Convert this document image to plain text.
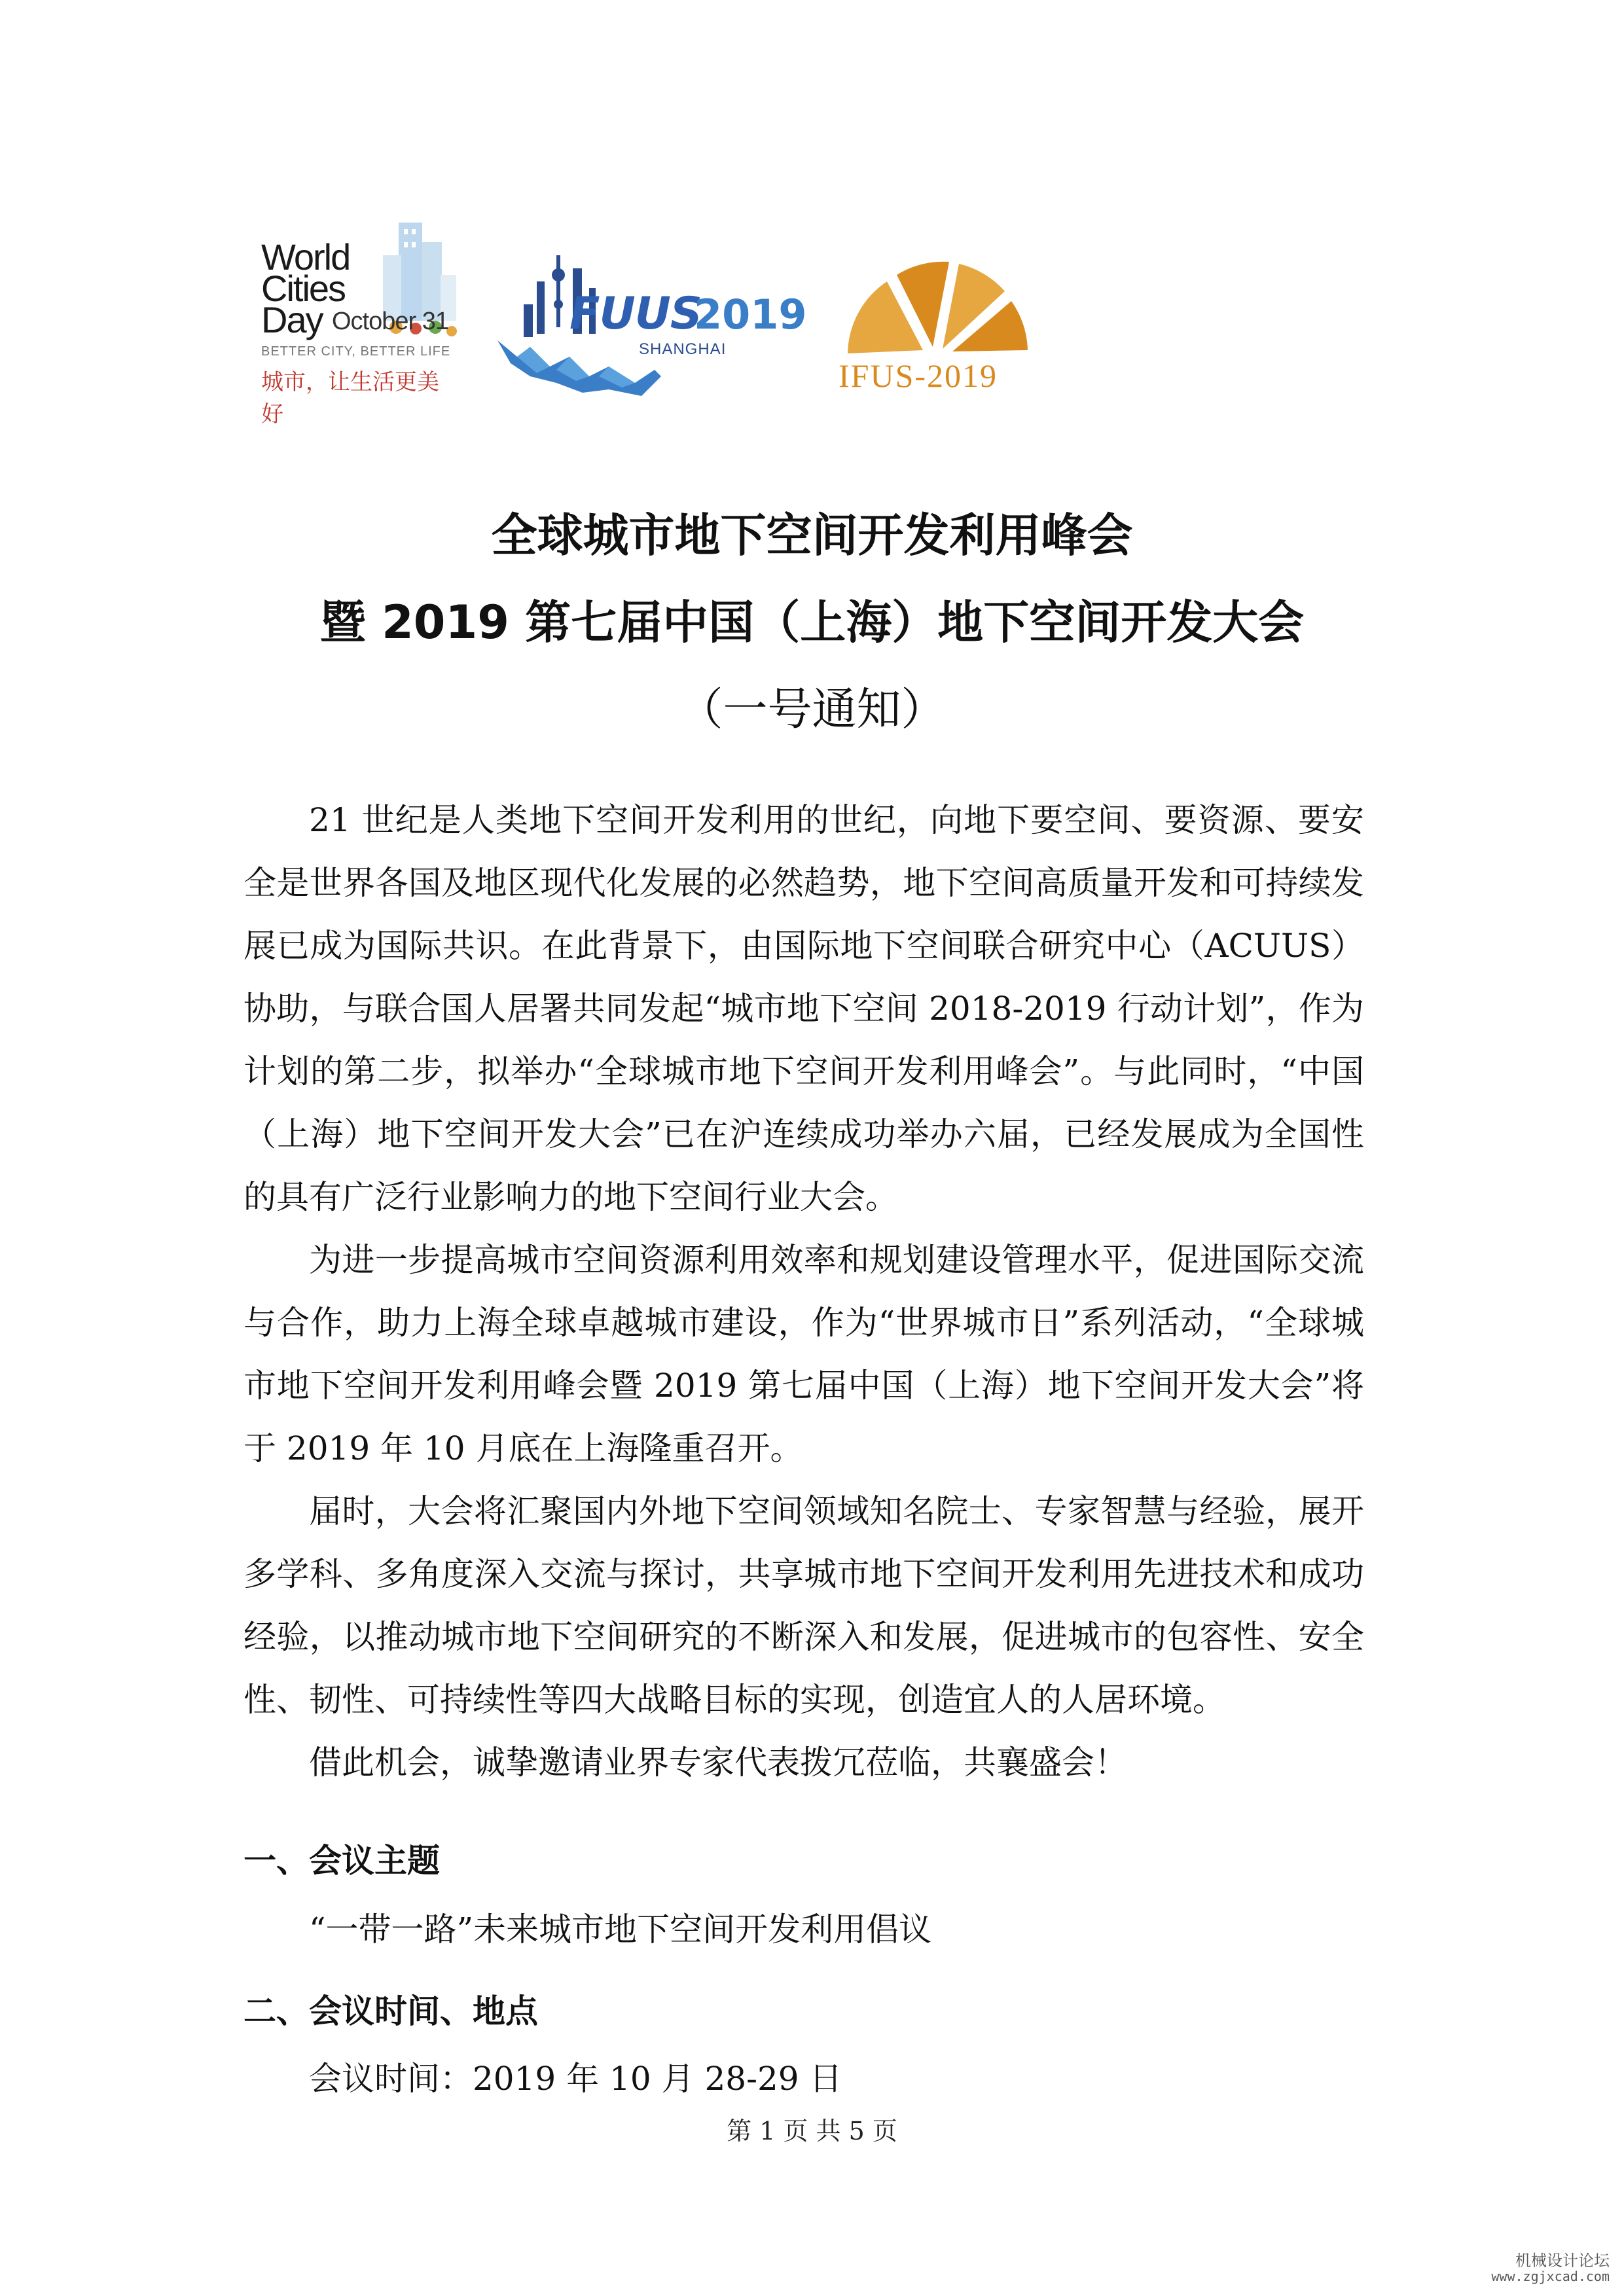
World
Cities
Day October 31
BETTER CITY, BETTER LIFE
城市，让生活更美好
FUUS
2019
SHANGHAI
IFUS-2019
全球城市地下空间开发利用峰会
暨 2019 第七届中国（上海）地下空间开发大会
（一号通知）

21 世纪是人类地下空间开发利用的世纪，向地下要空间、要资源、要安全是世界各国及地区现代化发展的必然趋势，地下空间高质量开发和可持续发展已成为国际共识。在此背景下，由国际地下空间联合研究中心（ACUUS）协助，与联合国人居署共同发起“城市地下空间 2018-2019 行动计划”，作为计划的第二步，拟举办“全球城市地下空间开发利用峰会”。与此同时，“中国（上海）地下空间开发大会”已在沪连续成功举办六届，已经发展成为全国性的具有广泛行业影响力的地下空间行业大会。

为进一步提高城市空间资源利用效率和规划建设管理水平，促进国际交流与合作，助力上海全球卓越城市建设，作为“世界城市日”系列活动，“全球城市地下空间开发利用峰会暨 2019 第七届中国（上海）地下空间开发大会”将于 2019 年 10 月底在上海隆重召开。

届时，大会将汇聚国内外地下空间领域知名院士、专家智慧与经验，展开多学科、多角度深入交流与探讨，共享城市地下空间开发利用先进技术和成功经验，以推动城市地下空间研究的不断深入和发展，促进城市的包容性、安全性、韧性、可持续性等四大战略目标的实现，创造宜人的人居环境。

借此机会，诚挚邀请业界专家代表拨冗莅临，共襄盛会！

一、会议主题
“一带一路”未来城市地下空间开发利用倡议
二、会议时间、地点
会议时间：2019 年 10 月 28-29 日
第 1 页 共 5 页
机械设计论坛
www.zgjxcad.com
